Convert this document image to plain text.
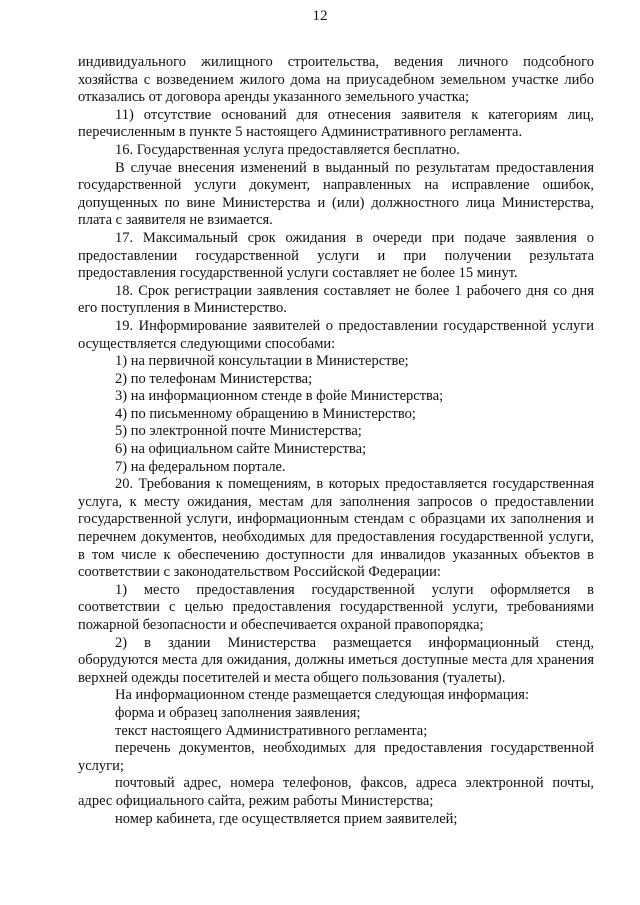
12

индивидуального жилищного строительства, ведения личного подсобного хозяйства с возведением жилого дома на приусадебном земельном участке либо отказались от договора аренды указанного земельного участка;

11) отсутствие оснований для отнесения заявителя к категориям лиц, перечисленным в пункте 5 настоящего Административного регламента.

16. Государственная услуга предоставляется бесплатно.

В случае внесения изменений в выданный по результатам предоставления государственной услуги документ, направленных на исправление ошибок, допущенных по вине Министерства и (или) должностного лица Министерства, плата с заявителя не взимается.

17. Максимальный срок ожидания в очереди при подаче заявления о предоставлении государственной услуги и при получении результата предоставления государственной услуги составляет не более 15 минут.

18. Срок регистрации заявления составляет не более 1 рабочего дня со дня его поступления в Министерство.

19. Информирование заявителей о предоставлении государственной услуги осуществляется следующими способами:

1) на первичной консультации в Министерстве;

2) по телефонам Министерства;

3) на информационном стенде в фойе Министерства;

4) по письменному обращению в Министерство;

5) по электронной почте Министерства;

6) на официальном сайте Министерства;

7) на федеральном портале.

20. Требования к помещениям, в которых предоставляется государственная услуга, к месту ожидания, местам для заполнения запросов о предоставлении государственной услуги, информационным стендам с образцами их заполнения и перечнем документов, необходимых для предоставления государственной услуги, в том числе к обеспечению доступности для инвалидов указанных объектов в соответствии с законодательством Российской Федерации:

1) место предоставления государственной услуги оформляется в соответствии с целью предоставления государственной услуги, требованиями пожарной безопасности и обеспечивается охраной правопорядка;

2) в здании Министерства размещается информационный стенд, оборудуются места для ожидания, должны иметься доступные места для хранения верхней одежды посетителей и места общего пользования (туалеты).

На информационном стенде размещается следующая информация:

форма и образец заполнения заявления;

текст настоящего Административного регламента;

перечень документов, необходимых для предоставления государственной услуги;

почтовый адрес, номера телефонов, факсов, адреса электронной почты, адрес официального сайта, режим работы Министерства;

номер кабинета, где осуществляется прием заявителей;
